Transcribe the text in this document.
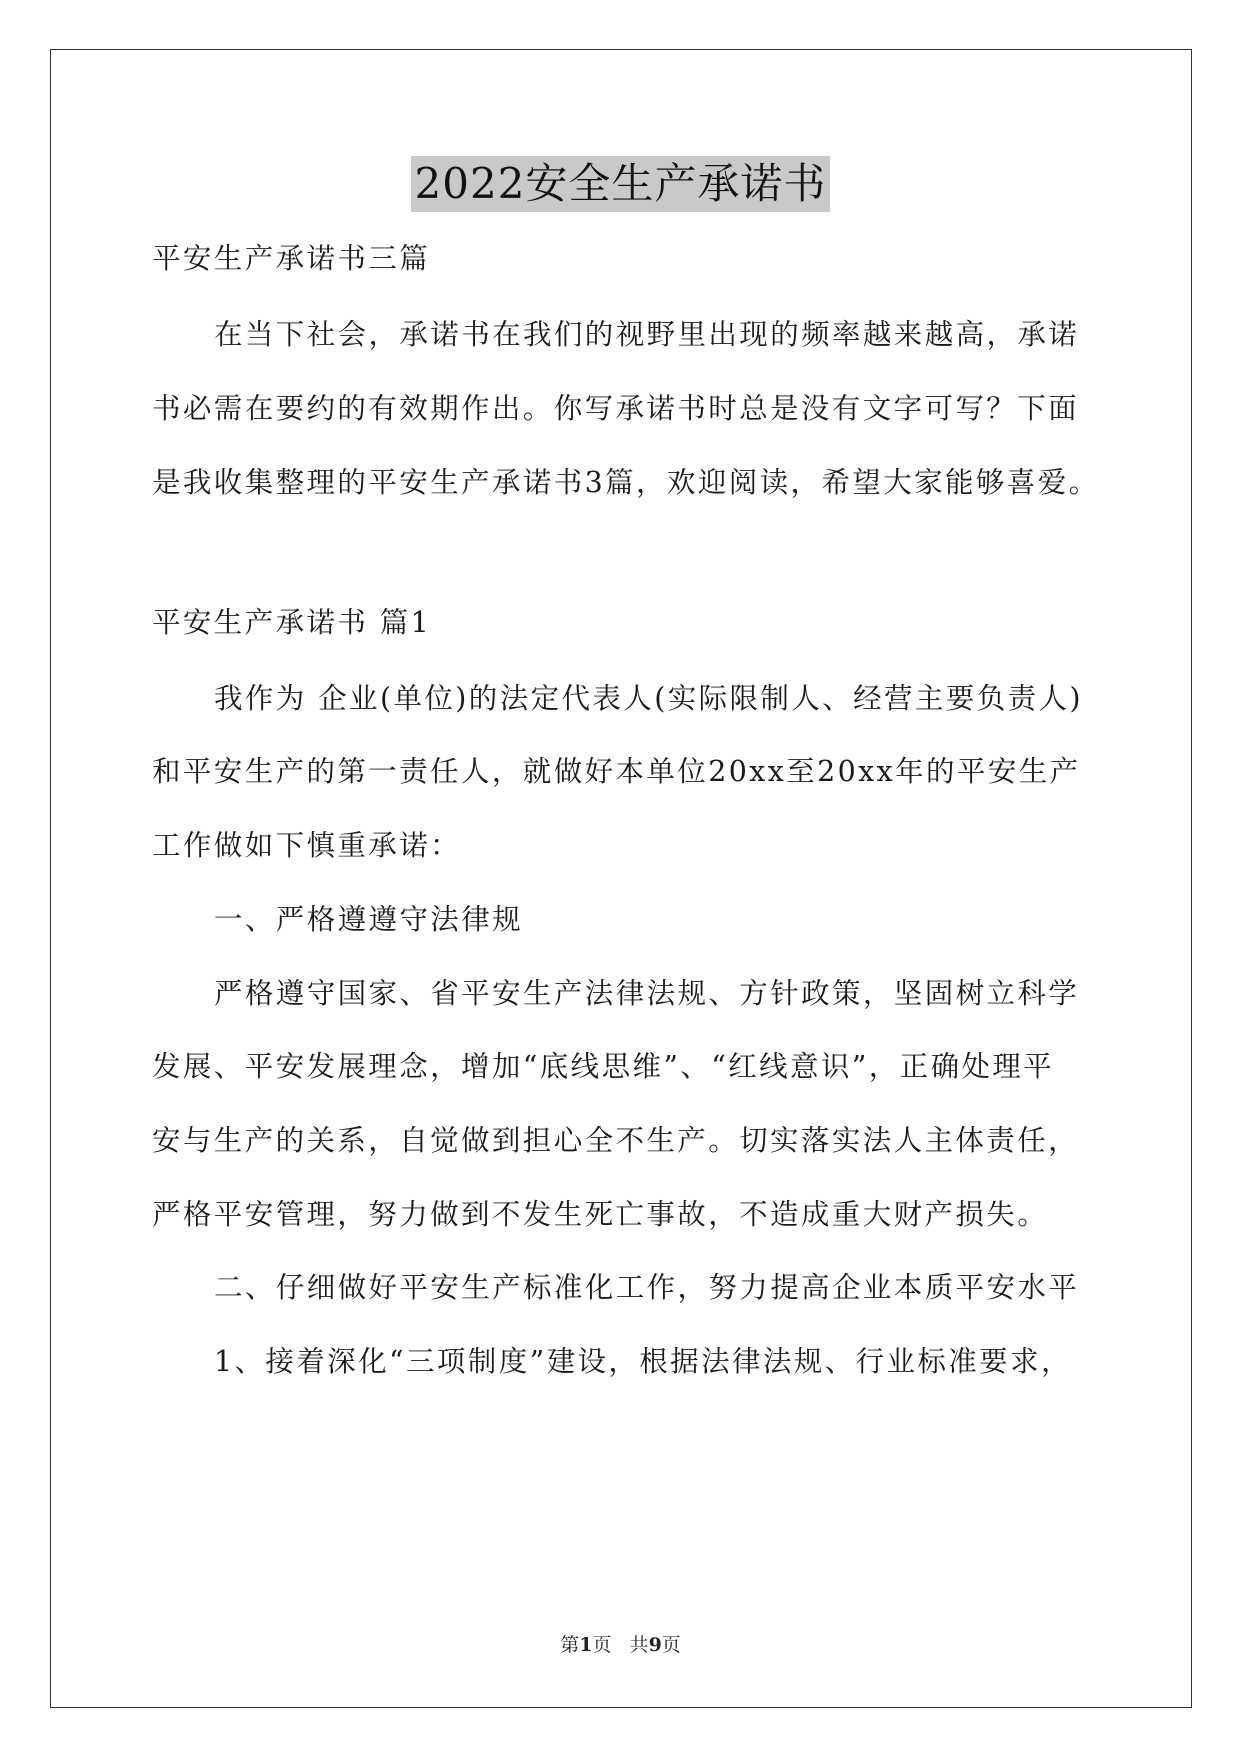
2022安全生产承诺书
平安生产承诺书三篇
在当下社会，承诺书在我们的视野里出现的频率越来越高，承诺
书必需在要约的有效期作出。你写承诺书时总是没有文字可写？下面
是我收集整理的平安生产承诺书3篇，欢迎阅读，希望大家能够喜爱。
平安生产承诺书 篇1
我作为 企业(单位)的法定代表人(实际限制人、经营主要负责人)
和平安生产的第一责任人，就做好本单位20xx至20xx年的平安生产
工作做如下慎重承诺：
一、严格遵遵守法律规
严格遵守国家、省平安生产法律法规、方针政策，坚固树立科学
发展、平安发展理念，增加“底线思维”、“红线意识”，正确处理平
安与生产的关系，自觉做到担心全不生产。切实落实法人主体责任，
严格平安管理，努力做到不发生死亡事故，不造成重大财产损失。
二、仔细做好平安生产标准化工作，努力提高企业本质平安水平
1、接着深化“三项制度”建设，根据法律法规、行业标准要求，
第1页   共9页
